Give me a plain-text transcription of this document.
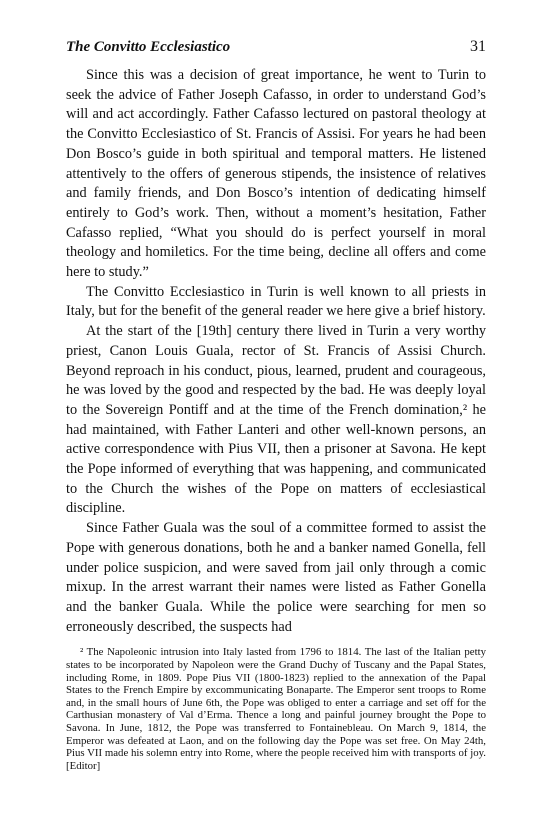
The Convitto Ecclesiastico	31

Since this was a decision of great importance, he went to Turin to seek the advice of Father Joseph Cafasso, in order to understand God’s will and act accordingly. Father Cafasso lectured on pastoral theology at the Convitto Ecclesiastico of St. Francis of Assisi. For years he had been Don Bosco’s guide in both spiritual and temporal matters. He listened attentively to the offers of generous stipends, the insistence of relatives and family friends, and Don Bosco’s intention of dedicating himself entirely to God’s work. Then, without a moment’s hesitation, Father Cafasso replied, “What you should do is perfect yourself in moral theology and homiletics. For the time being, decline all offers and come here to study.”

The Convitto Ecclesiastico in Turin is well known to all priests in Italy, but for the benefit of the general reader we here give a brief history.

At the start of the [19th] century there lived in Turin a very worthy priest, Canon Louis Guala, rector of St. Francis of Assisi Church. Beyond reproach in his conduct, pious, learned, prudent and courageous, he was loved by the good and respected by the bad. He was deeply loyal to the Sovereign Pontiff and at the time of the French domination,² he had maintained, with Father Lanteri and other well-known persons, an active correspondence with Pius VII, then a prisoner at Savona. He kept the Pope informed of everything that was happening, and communicated to the Church the wishes of the Pope on matters of ecclesiastical discipline.

Since Father Guala was the soul of a committee formed to assist the Pope with generous donations, both he and a banker named Gonella, fell under police suspicion, and were saved from jail only through a comic mixup. In the arrest warrant their names were listed as Father Gonella and the banker Guala. While the police were searching for men so erroneously described, the suspects had

² The Napoleonic intrusion into Italy lasted from 1796 to 1814. The last of the Italian petty states to be incorporated by Napoleon were the Grand Duchy of Tuscany and the Papal States, including Rome, in 1809. Pope Pius VII (1800-1823) replied to the annexation of the Papal States to the French Empire by excommunicating Bonaparte. The Emperor sent troops to Rome and, in the small hours of June 6th, the Pope was obliged to enter a carriage and set off for the Carthusian monastery of Val d’Erma. Thence a long and painful journey brought the Pope to Savona. In June, 1812, the Pope was transferred to Fontainebleau. On March 9, 1814, the Emperor was defeated at Laon, and on the following day the Pope was set free. On May 24th, Pius VII made his solemn entry into Rome, where the people received him with transports of joy. [Editor]
